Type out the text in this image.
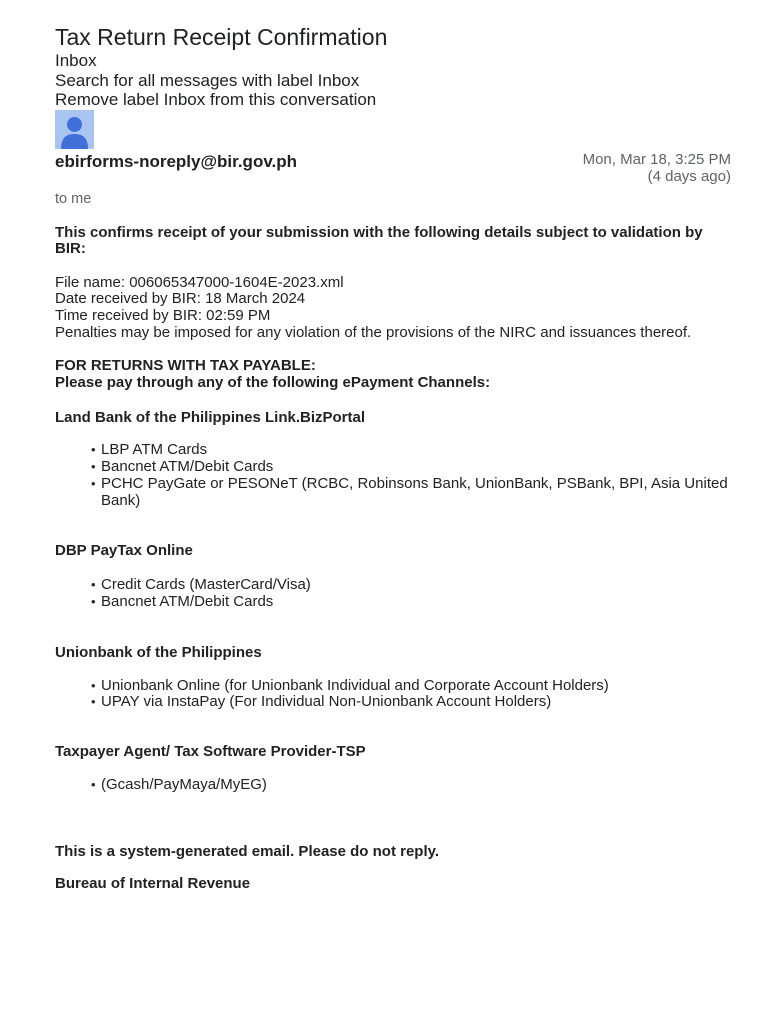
Tax Return Receipt Confirmation
Inbox
Search for all messages with label Inbox
Remove label Inbox from this conversation
ebirforms-noreply@bir.gov.ph	Mon, Mar 18, 3:25 PM
(4 days ago)
to me
This confirms receipt of your submission with the following details subject to validation by BIR:
File name: 006065347000-1604E-2023.xml
Date received by BIR: 18 March 2024
Time received by BIR: 02:59 PM
Penalties may be imposed for any violation of the provisions of the NIRC and issuances thereof.
FOR RETURNS WITH TAX PAYABLE:
Please pay through any of the following ePayment Channels:
Land Bank of the Philippines Link.BizPortal
• LBP ATM Cards
• Bancnet ATM/Debit Cards
• PCHC PayGate or PESONeT (RCBC, Robinsons Bank, UnionBank, PSBank, BPI, Asia United Bank)
DBP PayTax Online
• Credit Cards (MasterCard/Visa)
• Bancnet ATM/Debit Cards
Unionbank of the Philippines
• Unionbank Online (for Unionbank Individual and Corporate Account Holders)
• UPAY via InstaPay (For Individual Non-Unionbank Account Holders)
Taxpayer Agent/ Tax Software Provider-TSP
• (Gcash/PayMaya/MyEG)
This is a system-generated email. Please do not reply.
Bureau of Internal Revenue
